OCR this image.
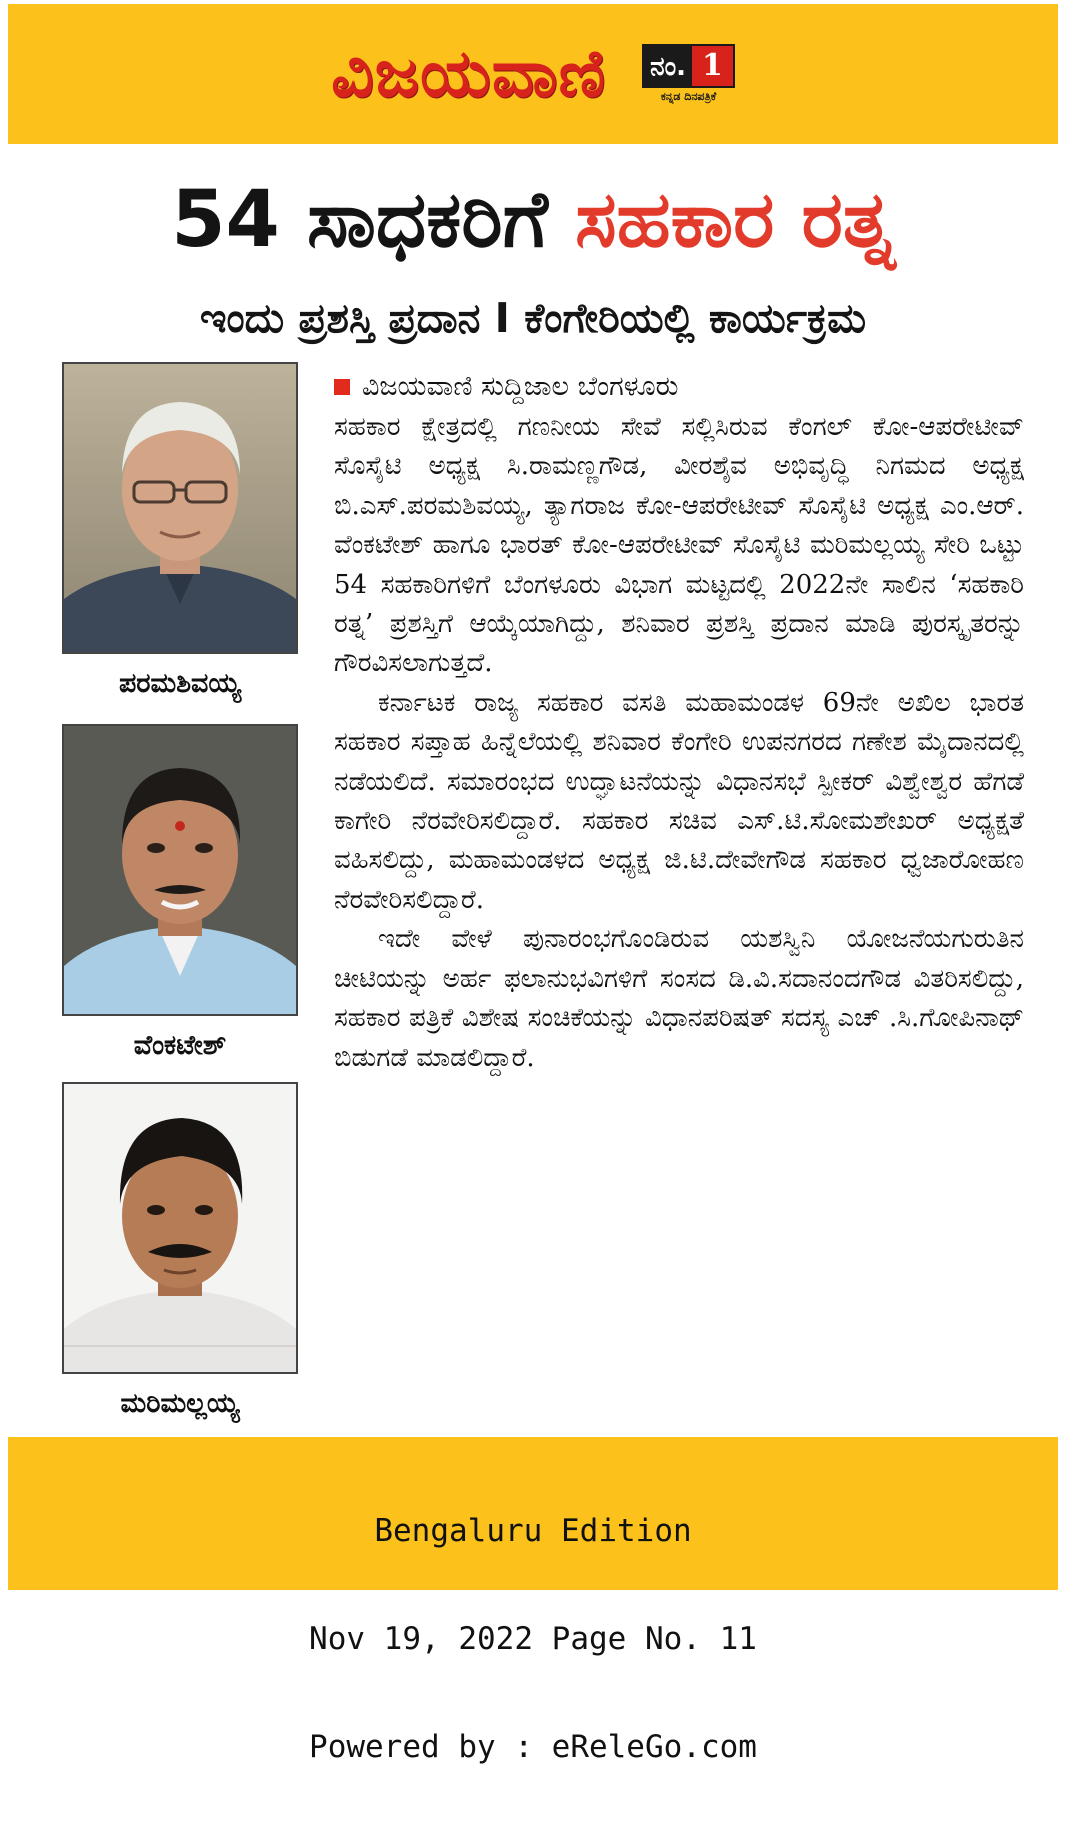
ವಿಜಯವಾಣಿ ನಂ. 1
ಕನ್ನಡ ದಿನಪತ್ರಿಕೆ
54 ಸಾಧಕರಿಗೆ ಸಹಕಾರ ರತ್ನ
ಇಂದು ಪ್ರಶಸ್ತಿ ಪ್ರದಾನ I ಕೆಂಗೇರಿಯಲ್ಲಿ ಕಾರ್ಯಕ್ರಮ
ಪರಮಶಿವಯ್ಯ
ವೆಂಕಟೇಶ್
ಮರಿಮಲ್ಲಯ್ಯ
ವಿಜಯವಾಣಿ ಸುದ್ದಿಜಾಲ ಬೆಂಗಳೂರು

ಸಹಕಾರ ಕ್ಷೇತ್ರದಲ್ಲಿ ಗಣನೀಯ ಸೇವೆ ಸಲ್ಲಿಸಿರುವ ಕೆಂಗಲ್ ಕೋ-ಆಪರೇಟೀವ್ ಸೊಸೈಟಿ ಅಧ್ಯಕ್ಷ ಸಿ.ರಾಮಣ್ಣಗೌಡ, ವೀರಶೈವ ಅಭಿವೃದ್ಧಿ ನಿಗಮದ ಅಧ್ಯಕ್ಷ ಬಿ.ಎಸ್.ಪರಮಶಿವಯ್ಯ, ತ್ಯಾಗರಾಜ ಕೋ-ಆಪರೇಟೀವ್ ಸೊಸೈಟಿ ಅಧ್ಯಕ್ಷ ಎಂ.ಆರ್. ವೆಂಕಟೇಶ್ ಹಾಗೂ ಭಾರತ್ ಕೋ-ಆಪರೇಟೀವ್ ಸೊಸೈಟಿ ಮರಿಮಲ್ಲಯ್ಯ ಸೇರಿ ಒಟ್ಟು 54 ಸಹಕಾರಿಗಳಿಗೆ ಬೆಂಗಳೂರು ವಿಭಾಗ ಮಟ್ಟದಲ್ಲಿ 2022ನೇ ಸಾಲಿನ ‘ಸಹಕಾರಿ ರತ್ನ’ ಪ್ರಶಸ್ತಿಗೆ ಆಯ್ಕೆಯಾಗಿದ್ದು, ಶನಿವಾರ ಪ್ರಶಸ್ತಿ ಪ್ರದಾನ ಮಾಡಿ ಪುರಸ್ಕೃತರನ್ನು ಗೌರವಿಸಲಾಗುತ್ತದೆ.

ಕರ್ನಾಟಕ ರಾಜ್ಯ ಸಹಕಾರ ವಸತಿ ಮಹಾಮಂಡಳ 69ನೇ ಅಖಿಲ ಭಾರತ ಸಹಕಾರ ಸಪ್ತಾಹ ಹಿನ್ನೆಲೆಯಲ್ಲಿ ಶನಿವಾರ ಕೆಂಗೇರಿ ಉಪನಗರದ ಗಣೇಶ ಮೈದಾನದಲ್ಲಿ ನಡೆಯಲಿದೆ. ಸಮಾರಂಭದ ಉದ್ಘಾಟನೆಯನ್ನು ವಿಧಾನಸಭೆ ಸ್ಪೀಕರ್ ವಿಶ್ವೇಶ್ವರ ಹೆಗಡೆ ಕಾಗೇರಿ ನೆರವೇರಿಸಲಿದ್ದಾರೆ. ಸಹಕಾರ ಸಚಿವ ಎಸ್.ಟಿ.ಸೋಮಶೇಖರ್ ಅಧ್ಯಕ್ಷತೆ ವಹಿಸಲಿದ್ದು, ಮಹಾಮಂಡಳದ ಅಧ್ಯಕ್ಷ ಜಿ.ಟಿ.ದೇವೇಗೌಡ ಸಹಕಾರ ಧ್ವಜಾರೋಹಣ ನೆರವೇರಿಸಲಿದ್ದಾರೆ.

ಇದೇ ವೇಳೆ ಪುನಾರಂಭಗೊಂಡಿರುವ ಯಶಸ್ವಿನಿ ಯೋಜನೆಯಗುರುತಿನ ಚೀಟಿಯನ್ನು ಅರ್ಹ ಫಲಾನುಭವಿಗಳಿಗೆ ಸಂಸದ ಡಿ.ವಿ.ಸದಾನಂದಗೌಡ ವಿತರಿಸಲಿದ್ದು, ಸಹಕಾರ ಪತ್ರಿಕೆ ವಿಶೇಷ ಸಂಚಿಕೆಯನ್ನು ವಿಧಾನಪರಿಷತ್ ಸದಸ್ಯ ಎಚ್ .ಸಿ.ಗೋಪಿನಾಥ್ ಬಿಡುಗಡೆ ಮಾಡಲಿದ್ದಾರೆ.

Bengaluru Edition

Nov 19, 2022 Page No. 11

Powered by : eReleGo.com
